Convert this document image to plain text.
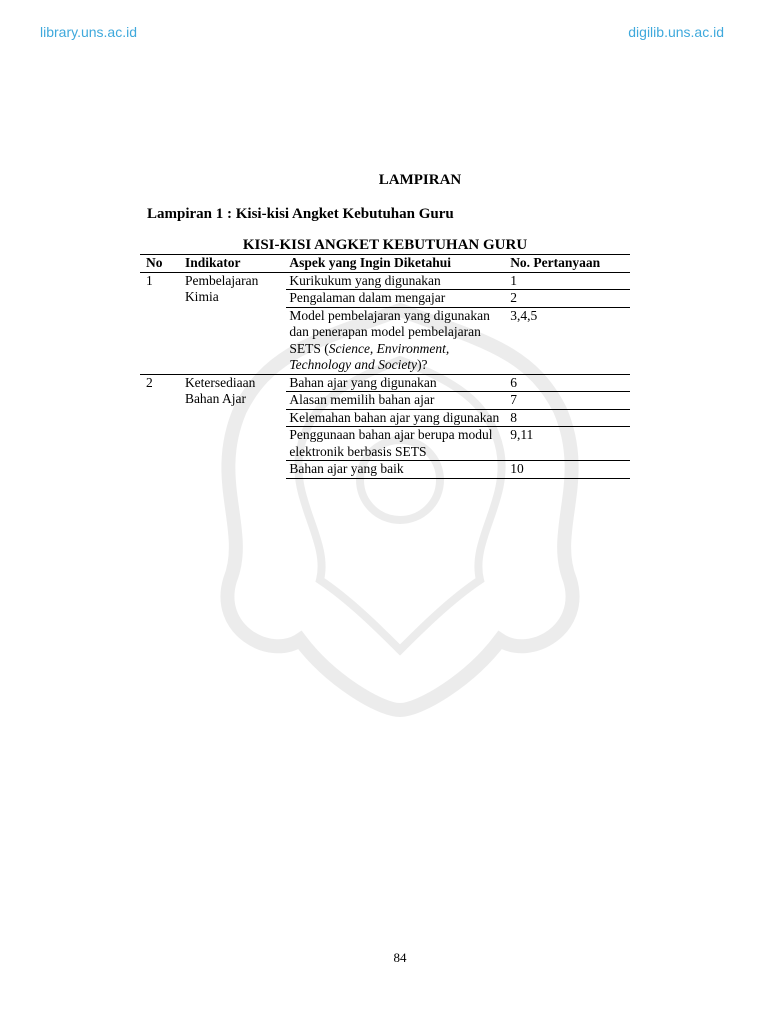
library.uns.ac.id	digilib.uns.ac.id
LAMPIRAN
Lampiran 1 : Kisi-kisi Angket Kebutuhan Guru
KISI-KISI ANGKET KEBUTUHAN GURU
No	Indikator	Aspek yang Ingin Diketahui	No. Pertanyaan
1	Pembelajaran Kimia	Kurikukum yang digunakan	1
		Pengalaman dalam mengajar	2
		Model pembelajaran yang digunakan dan penerapan model pembelajaran SETS (Science, Environment, Technology and Society)?	3,4,5
2	Ketersediaan Bahan Ajar	Bahan ajar yang digunakan	6
		Alasan memilih bahan ajar	7
		Kelemahan bahan ajar yang digunakan	8
		Penggunaan bahan ajar berupa modul elektronik berbasis SETS	9,11
		Bahan ajar yang baik	10
84
